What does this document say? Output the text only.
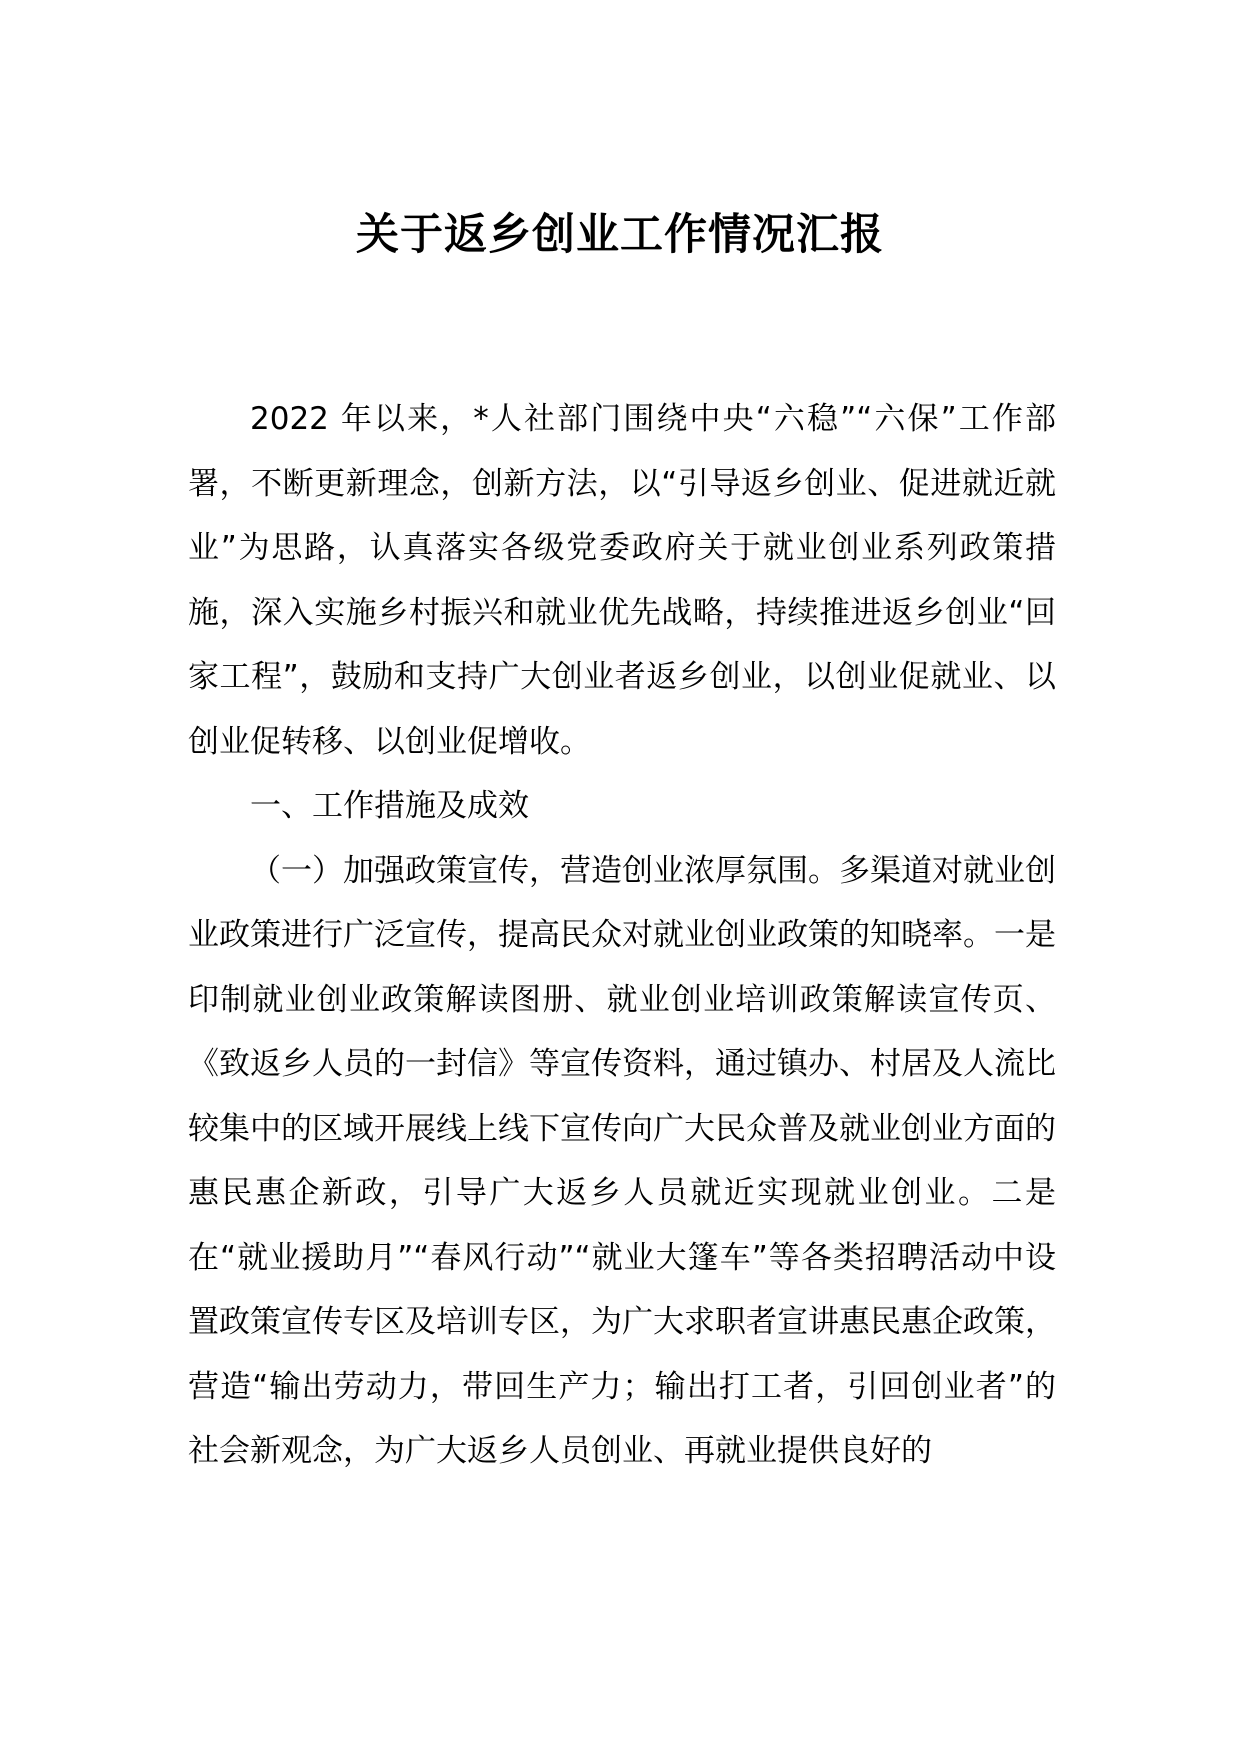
关于返乡创业工作情况汇报

2022 年以来，*人社部门围绕中央“六稳”“六保”工作部署，不断更新理念，创新方法，以“引导返乡创业、促进就近就业”为思路，认真落实各级党委政府关于就业创业系列政策措施，深入实施乡村振兴和就业优先战略，持续推进返乡创业“回家工程”，鼓励和支持广大创业者返乡创业，以创业促就业、以创业促转移、以创业促增收。

一、工作措施及成效

（一）加强政策宣传，营造创业浓厚氛围。多渠道对就业创业政策进行广泛宣传，提高民众对就业创业政策的知晓率。一是印制就业创业政策解读图册、就业创业培训政策解读宣传页、《致返乡人员的一封信》等宣传资料，通过镇办、村居及人流比较集中的区域开展线上线下宣传向广大民众普及就业创业方面的惠民惠企新政，引导广大返乡人员就近实现就业创业。二是在“就业援助月”“春风行动”“就业大篷车”等各类招聘活动中设置政策宣传专区及培训专区，为广大求职者宣讲惠民惠企政策，营造“输出劳动力，带回生产力；输出打工者，引回创业者”的社会新观念，为广大返乡人员创业、再就业提供良好的
